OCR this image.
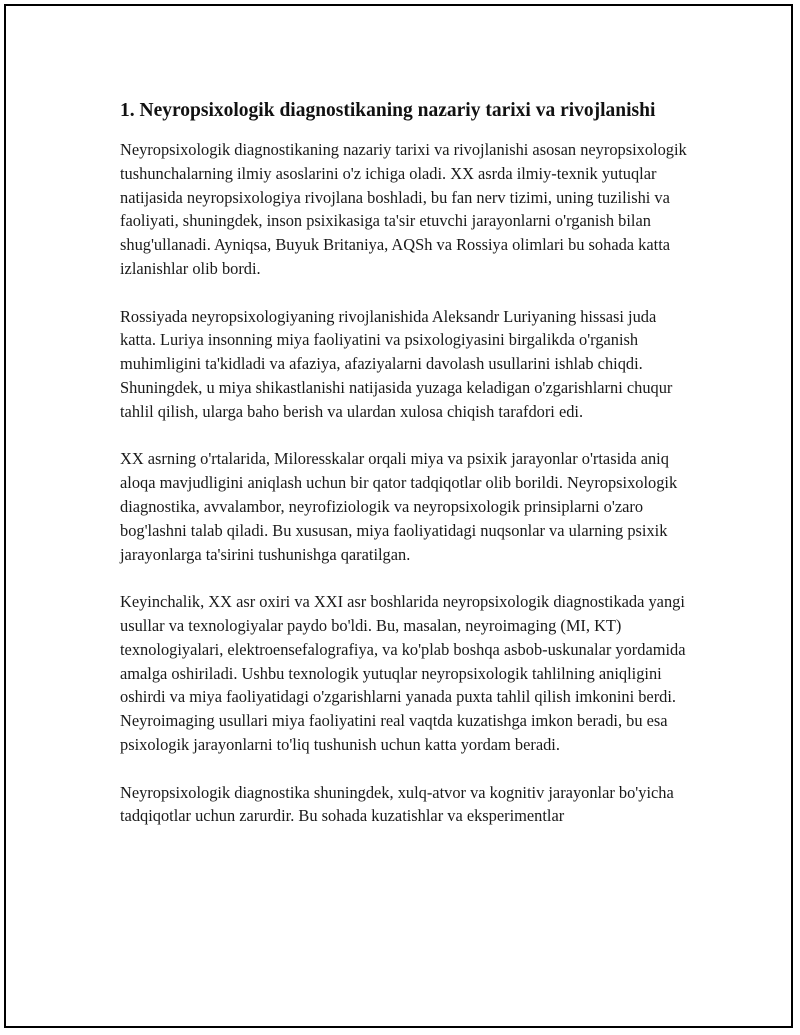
1. Neyropsixologik diagnostikaning nazariy tarixi va rivojlanishi

Neyropsixologik diagnostikaning nazariy tarixi va rivojlanishi asosan neyropsixologik tushunchalarning ilmiy asoslarini o'z ichiga oladi. XX asrda ilmiy-texnik yutuqlar natijasida neyropsixologiya rivojlana boshladi, bu fan nerv tizimi, uning tuzilishi va faoliyati, shuningdek, inson psixikasiga ta'sir etuvchi jarayonlarni o'rganish bilan shug'ullanadi. Ayniqsa, Buyuk Britaniya, AQSh va Rossiya olimlari bu sohada katta izlanishlar olib bordi.

Rossiyada neyropsixologiyaning rivojlanishida Aleksandr Luriyaning hissasi juda katta. Luriya insonning miya faoliyatini va psixologiyasini birgalikda o'rganish muhimligini ta'kidladi va afaziya, afaziyalarni davolash usullarini ishlab chiqdi. Shuningdek, u miya shikastlanishi natijasida yuzaga keladigan o'zgarishlarni chuqur tahlil qilish, ularga baho berish va ulardan xulosa chiqish tarafdori edi.

XX asrning o'rtalarida, Miloresskalar orqali miya va psixik jarayonlar o'rtasida aniq aloqa mavjudligini aniqlash uchun bir qator tadqiqotlar olib borildi. Neyropsixologik diagnostika, avvalambor, neyrofiziologik va neyropsixologik prinsiplarni o'zaro bog'lashni talab qiladi. Bu xususan, miya faoliyatidagi nuqsonlar va ularning psixik jarayonlarga ta'sirini tushunishga qaratilgan.

Keyinchalik, XX asr oxiri va XXI asr boshlarida neyropsixologik diagnostikada yangi usullar va texnologiyalar paydo bo'ldi. Bu, masalan, neyroimaging (MI, KT) texnologiyalari, elektroensefalografiya, va ko'plab boshqa asbob-uskunalar yordamida amalga oshiriladi. Ushbu texnologik yutuqlar neyropsixologik tahlilning aniqligini oshirdi va miya faoliyatidagi o'zgarishlarni yanada puxta tahlil qilish imkonini berdi. Neyroimaging usullari miya faoliyatini real vaqtda kuzatishga imkon beradi, bu esa psixologik jarayonlarni to'liq tushunish uchun katta yordam beradi.

Neyropsixologik diagnostika shuningdek, xulq-atvor va kognitiv jarayonlar bo'yicha tadqiqotlar uchun zarurdir. Bu sohada kuzatishlar va eksperimentlar
